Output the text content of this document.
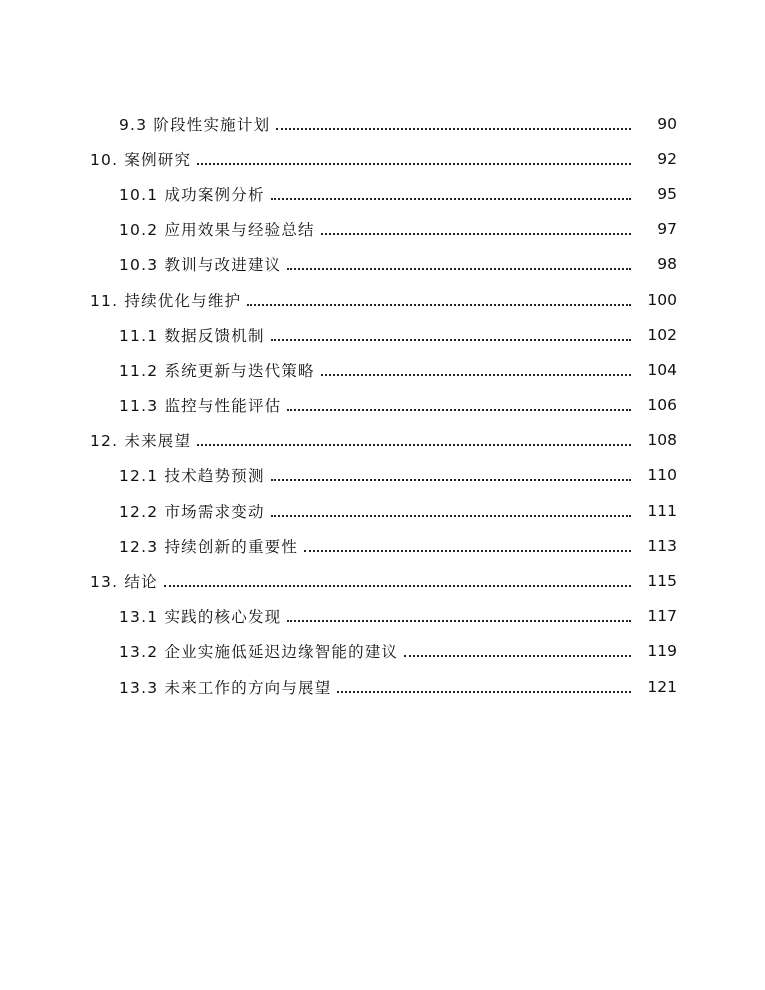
9.3 阶段性实施计划	90
10. 案例研究	92
10.1 成功案例分析	95
10.2 应用效果与经验总结	97
10.3 教训与改进建议	98
11. 持续优化与维护	100
11.1 数据反馈机制	102
11.2 系统更新与迭代策略	104
11.3 监控与性能评估	106
12. 未来展望	108
12.1 技术趋势预测	110
12.2 市场需求变动	111
12.3 持续创新的重要性	113
13. 结论	115
13.1 实践的核心发现	117
13.2 企业实施低延迟边缘智能的建议	119
13.3 未来工作的方向与展望	121
